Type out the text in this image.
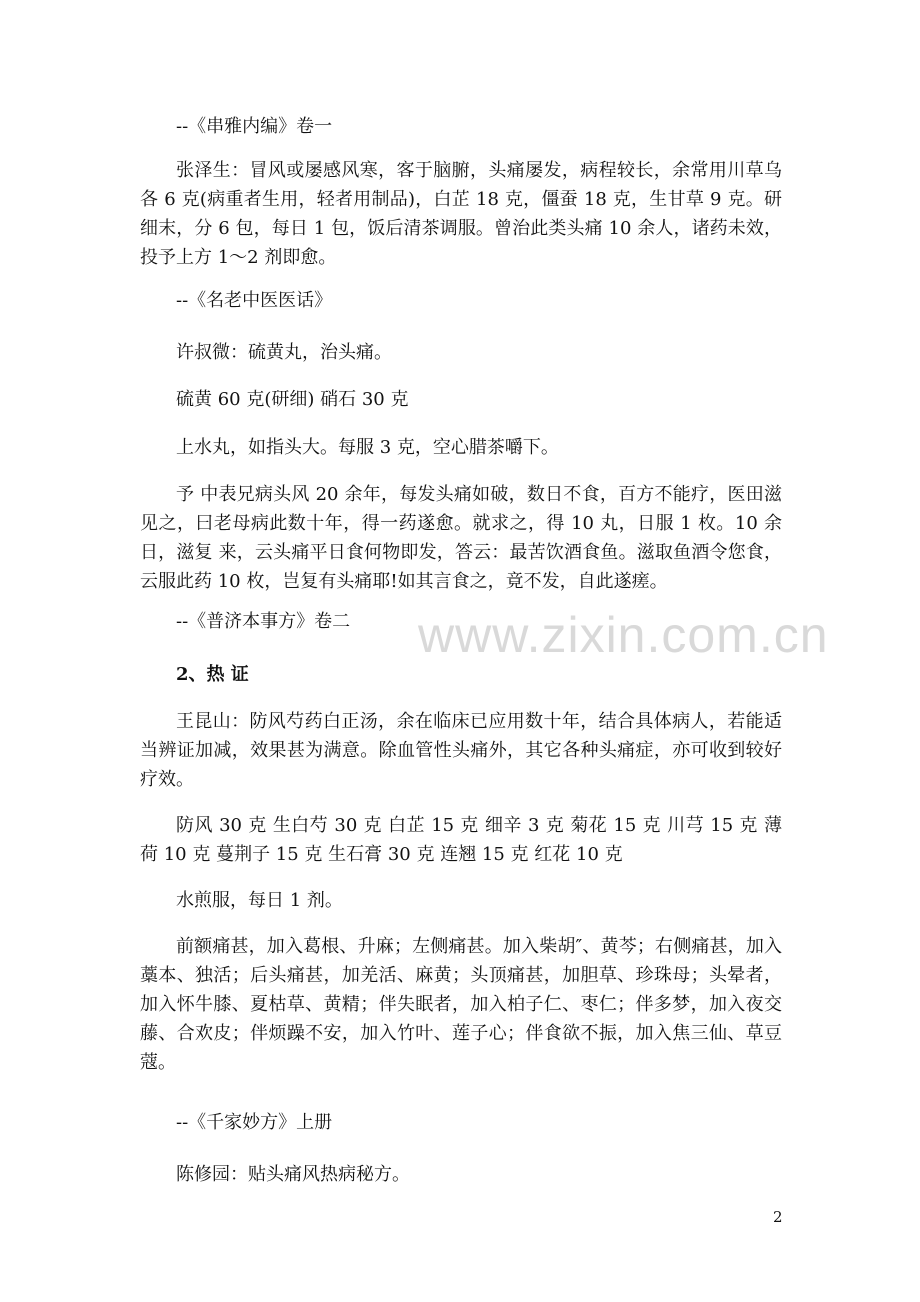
--《串雅内编》卷一

张泽生：冒风或屡感风寒，客于脑腑，头痛屡发，病程较长，余常用川草乌各 6 克(病重者生用，轻者用制品)，白芷 18 克，僵蚕 18 克，生甘草 9 克。研细末，分 6 包，每日 1 包，饭后清茶调服。曾治此类头痛 10 余人，诸药未效，投予上方 1～2 剂即愈。

--《名老中医医话》

许叔微：硫黄丸，治头痛。

硫黄 60 克(研细) 硝石 30 克

上水丸，如指头大。每服 3 克，空心腊茶嚼下。

予 中表兄病头风 20 余年，每发头痛如破，数日不食，百方不能疗，医田滋见之，曰老母病此数十年，得一药遂愈。就求之，得 10 丸，日服 1 枚。10 余日，滋复 来，云头痛平日食何物即发，答云：最苦饮酒食鱼。滋取鱼酒令您食，云服此药 10 枚，岂复有头痛耶!如其言食之，竟不发，自此遂瘥。

--《普济本事方》卷二

2、热 证

王昆山：防风芍药白正汤，余在临床已应用数十年，结合具体病人，若能适当辨证加减，效果甚为满意。除血管性头痛外，其它各种头痛症，亦可收到较好疗效。

防风 30 克 生白芍 30 克 白芷 15 克 细辛 3 克 菊花 15 克 川芎 15 克 薄荷 10 克 蔓荆子 15 克 生石膏 30 克 连翘 15 克 红花 10 克

水煎服，每日 1 剂。

前额痛甚，加入葛根、升麻；左侧痛甚。加入柴胡″、黄芩；右侧痛甚，加入藁本、独活；后头痛甚，加羌活、麻黄；头顶痛甚，加胆草、珍珠母；头晕者，加入怀牛膝、夏枯草、黄精；伴失眠者，加入柏子仁、枣仁；伴多梦，加入夜交藤、合欢皮；伴烦躁不安，加入竹叶、莲子心；伴食欲不振，加入焦三仙、草豆蔻。

--《千家妙方》上册

陈修园：贴头痛风热病秘方。

www.zixin.com.cn
2
